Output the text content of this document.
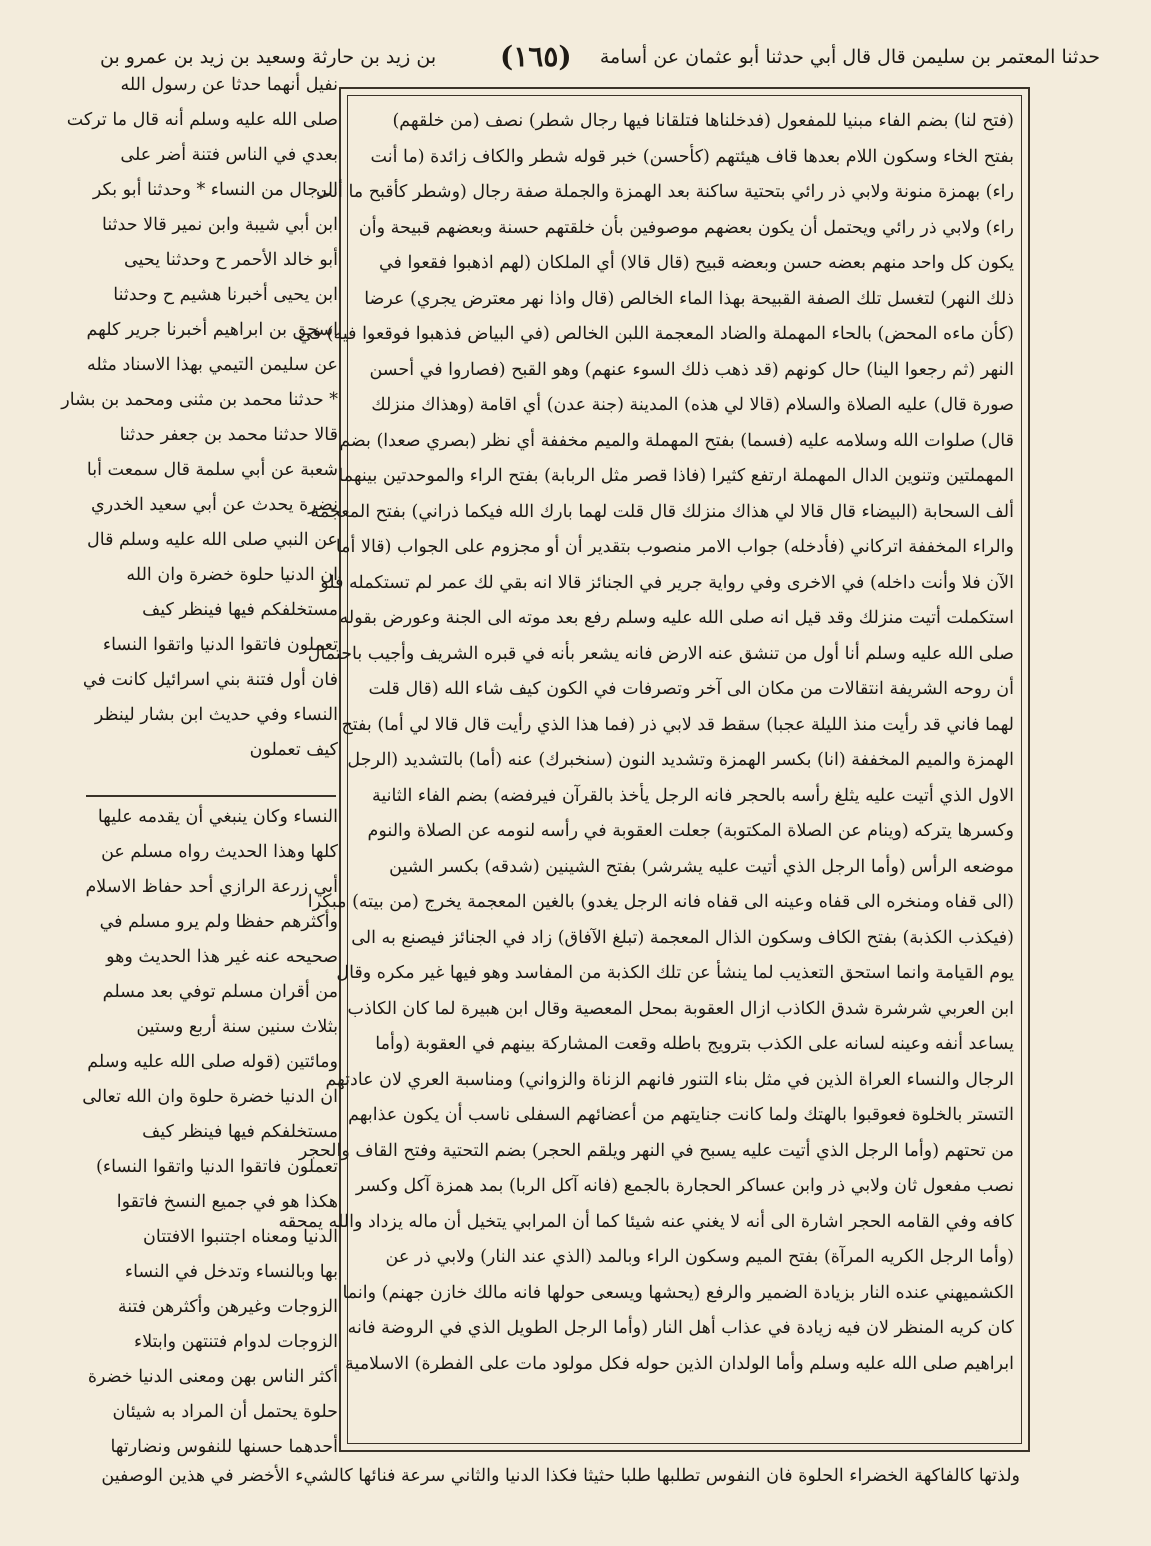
حدثنا المعتمر بن سليمن قال قال أبي حدثنا أبو عثمان عن أسامة
(١٦٥)
بن زيد بن حارثة وسعيد بن زيد بن عمرو بن
(فتح لنا) بضم الفاء مبنيا للمفعول (فدخلناها فتلقانا فيها رجال شطر) نصف (من خلقهم)
بفتح الخاء وسكون اللام بعدها قاف هيئتهم (كأحسن) خبر قوله شطر والكاف زائدة (ما أنت
راء) بهمزة منونة ولابي ذر رائي بتحتية ساكنة بعد الهمزة والجملة صفة رجال (وشطر كأقبح ما أنت
راء) ولابي ذر رائي ويحتمل أن يكون بعضهم موصوفين بأن خلقتهم حسنة وبعضهم قبيحة وأن
يكون كل واحد منهم بعضه حسن وبعضه قبيح (قال قالا) أي الملكان (لهم اذهبوا فقعوا في
ذلك النهر) لتغسل تلك الصفة القبيحة بهذا الماء الخالص (قال واذا نهر معترض يجري) عرضا
(كأن ماءه المحض) بالحاء المهملة والضاد المعجمة اللبن الخالص (في البياض فذهبوا فوقعوا فيه) في
النهر (ثم رجعوا الينا) حال كونهم (قد ذهب ذلك السوء عنهم) وهو القبح (فصاروا في أحسن
صورة قال) عليه الصلاة والسلام (قالا لي هذه) المدينة (جنة عدن) أي اقامة (وهذاك منزلك
قال) صلوات الله وسلامه عليه (فسما) بفتح المهملة والميم مخففة أي نظر (بصري صعدا) بضم
المهملتين وتنوين الدال المهملة ارتفع كثيرا (فاذا قصر مثل الربابة) بفتح الراء والموحدتين بينهما
ألف السحابة (البيضاء قال قالا لي هذاك منزلك قال قلت لهما بارك الله فيكما ذراني) بفتح المعجمة
والراء المخففة اتركاني (فأدخله) جواب الامر منصوب بتقدير أن أو مجزوم على الجواب (قالا أما
الآن فلا وأنت داخله) في الاخرى وفي رواية جرير في الجنائز قالا انه بقي لك عمر لم تستكمله فلو
استكملت أتيت منزلك وقد قيل انه صلى الله عليه وسلم رفع بعد موته الى الجنة وعورض بقوله
صلى الله عليه وسلم أنا أول من تنشق عنه الارض فانه يشعر بأنه في قبره الشريف وأجيب باحتمال
أن روحه الشريفة انتقالات من مكان الى آخر وتصرفات في الكون كيف شاء الله (قال قلت
لهما فاني قد رأيت منذ الليلة عجبا) سقط قد لابي ذر (فما هذا الذي رأيت قال قالا لي أما) بفتح
الهمزة والميم المخففة (انا) بكسر الهمزة وتشديد النون (سنخبرك) عنه (أما) بالتشديد (الرجل
الاول الذي أتيت عليه يثلغ رأسه بالحجر فانه الرجل يأخذ بالقرآن فيرفضه) بضم الفاء الثانية
وكسرها يتركه (وينام عن الصلاة المكتوبة) جعلت العقوبة في رأسه لنومه عن الصلاة والنوم
موضعه الرأس (وأما الرجل الذي أتيت عليه يشرشر) بفتح الشينين (شدقه) بكسر الشين
(الى قفاه ومنخره الى قفاه وعينه الى قفاه فانه الرجل يغدو) بالغين المعجمة يخرج (من بيته) مبكرا
(فيكذب الكذبة) بفتح الكاف وسكون الذال المعجمة (تبلغ الآفاق) زاد في الجنائز فيصنع به الى
يوم القيامة وانما استحق التعذيب لما ينشأ عن تلك الكذبة من المفاسد وهو فيها غير مكره وقال
ابن العربي شرشرة شدق الكاذب ازال العقوبة بمحل المعصية وقال ابن هبيرة لما كان الكاذب
يساعد أنفه وعينه لسانه على الكذب بترويج باطله وقعت المشاركة بينهم في العقوبة (وأما
الرجال والنساء العراة الذين في مثل بناء التنور فانهم الزناة والزواني) ومناسبة العري لان عادتهم
التستر بالخلوة فعوقبوا بالهتك ولما كانت جنايتهم من أعضائهم السفلى ناسب أن يكون عذابهم
من تحتهم (وأما الرجل الذي أتيت عليه يسبح في النهر ويلقم الحجر) بضم التحتية وفتح القاف والحجر
نصب مفعول ثان ولابي ذر وابن عساكر الحجارة بالجمع (فانه آكل الربا) بمد همزة آكل وكسر
كافه وفي القامه الحجر اشارة الى أنه لا يغني عنه شيئا كما أن المرابي يتخيل أن ماله يزداد والله يمحقه
(وأما الرجل الكريه المرآة) بفتح الميم وسكون الراء وبالمد (الذي عند النار) ولابي ذر عن
الكشميهني عنده النار بزيادة الضمير والرفع (يحشها ويسعى حولها فانه مالك خازن جهنم) وانما
كان كريه المنظر لان فيه زيادة في عذاب أهل النار (وأما الرجل الطويل الذي في الروضة فانه
ابراهيم صلى الله عليه وسلم وأما الولدان الذين حوله فكل مولود مات على الفطرة) الاسلامية
نفيل أنهما حدثا عن رسول الله
صلى الله عليه وسلم أنه قال ما تركت
بعدي في الناس فتنة أضر على
الرجال من النساء * وحدثنا أبو بكر
ابن أبي شيبة وابن نمير قالا حدثنا
أبو خالد الأحمر ح وحدثنا يحيى
ابن يحيى أخبرنا هشيم ح وحدثنا
اسحق بن ابراهيم أخبرنا جرير كلهم
عن سليمن التيمي بهذا الاسناد مثله
* حدثنا محمد بن مثنى ومحمد بن بشار
قالا حدثنا محمد بن جعفر حدثنا
شعبة عن أبي سلمة قال سمعت أبا
نضرة يحدث عن أبي سعيد الخدري
عن النبي صلى الله عليه وسلم قال
ان الدنيا حلوة خضرة وان الله
مستخلفكم فيها فينظر كيف
تعملون فاتقوا الدنيا واتقوا النساء
فان أول فتنة بني اسرائيل كانت في
النساء وفي حديث ابن بشار لينظر
كيف تعملون
النساء وكان ينبغي أن يقدمه عليها
كلها وهذا الحديث رواه مسلم عن
أبي زرعة الرازي أحد حفاظ الاسلام
وأكثرهم حفظا ولم يرو مسلم في
صحيحه عنه غير هذا الحديث وهو
من أقران مسلم توفي بعد مسلم
بثلاث سنين سنة أربع وستين
ومائتين (قوله صلى الله عليه وسلم
ان الدنيا خضرة حلوة وان الله تعالى
مستخلفكم فيها فينظر كيف
تعملون فاتقوا الدنيا واتقوا النساء)
هكذا هو في جميع النسخ فاتقوا
الدنيا ومعناه اجتنبوا الافتتان
بها وبالنساء وتدخل في النساء
الزوجات وغيرهن وأكثرهن فتنة
الزوجات لدوام فتنتهن وابتلاء
أكثر الناس بهن ومعنى الدنيا خضرة
حلوة يحتمل أن المراد به شيئان
أحدهما حسنها للنفوس ونضارتها
ولذتها كالفاكهة الخضراء الحلوة فان النفوس تطلبها طلبا حثيثا فكذا الدنيا والثاني سرعة فنائها كالشيء الأخضر في هذين الوصفين
